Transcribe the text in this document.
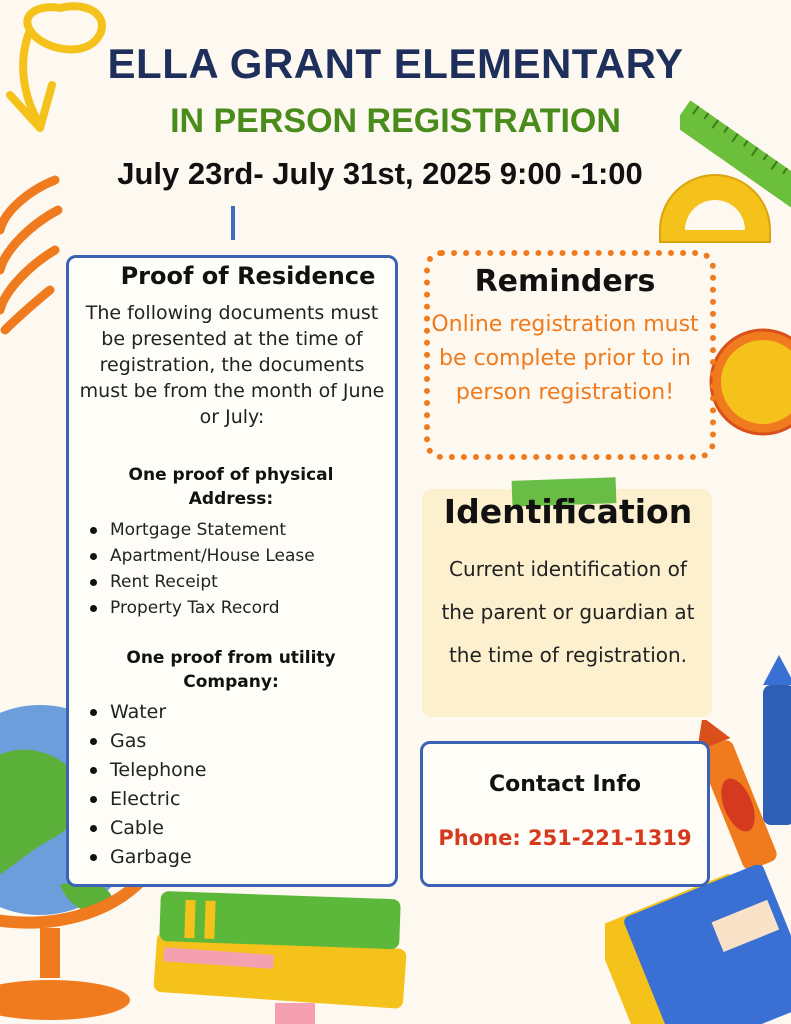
ELLA GRANT ELEMENTARY
IN PERSON REGISTRATION
July 23rd- July 31st, 2025 9:00 -1:00
Proof of Residence
The following documents must be presented at the time of registration, the documents must be from the month of June or July:
One proof of physical Address:
Mortgage Statement
Apartment/House Lease
Rent Receipt
Property Tax Record
One proof from utility Company:
Water
Gas
Telephone
Electric
Cable
Garbage
Reminders
Online registration must be complete prior to in person registration!
Identification
Current identification of the parent or guardian at the time of registration.
Contact Info
Phone: 251-221-1319
